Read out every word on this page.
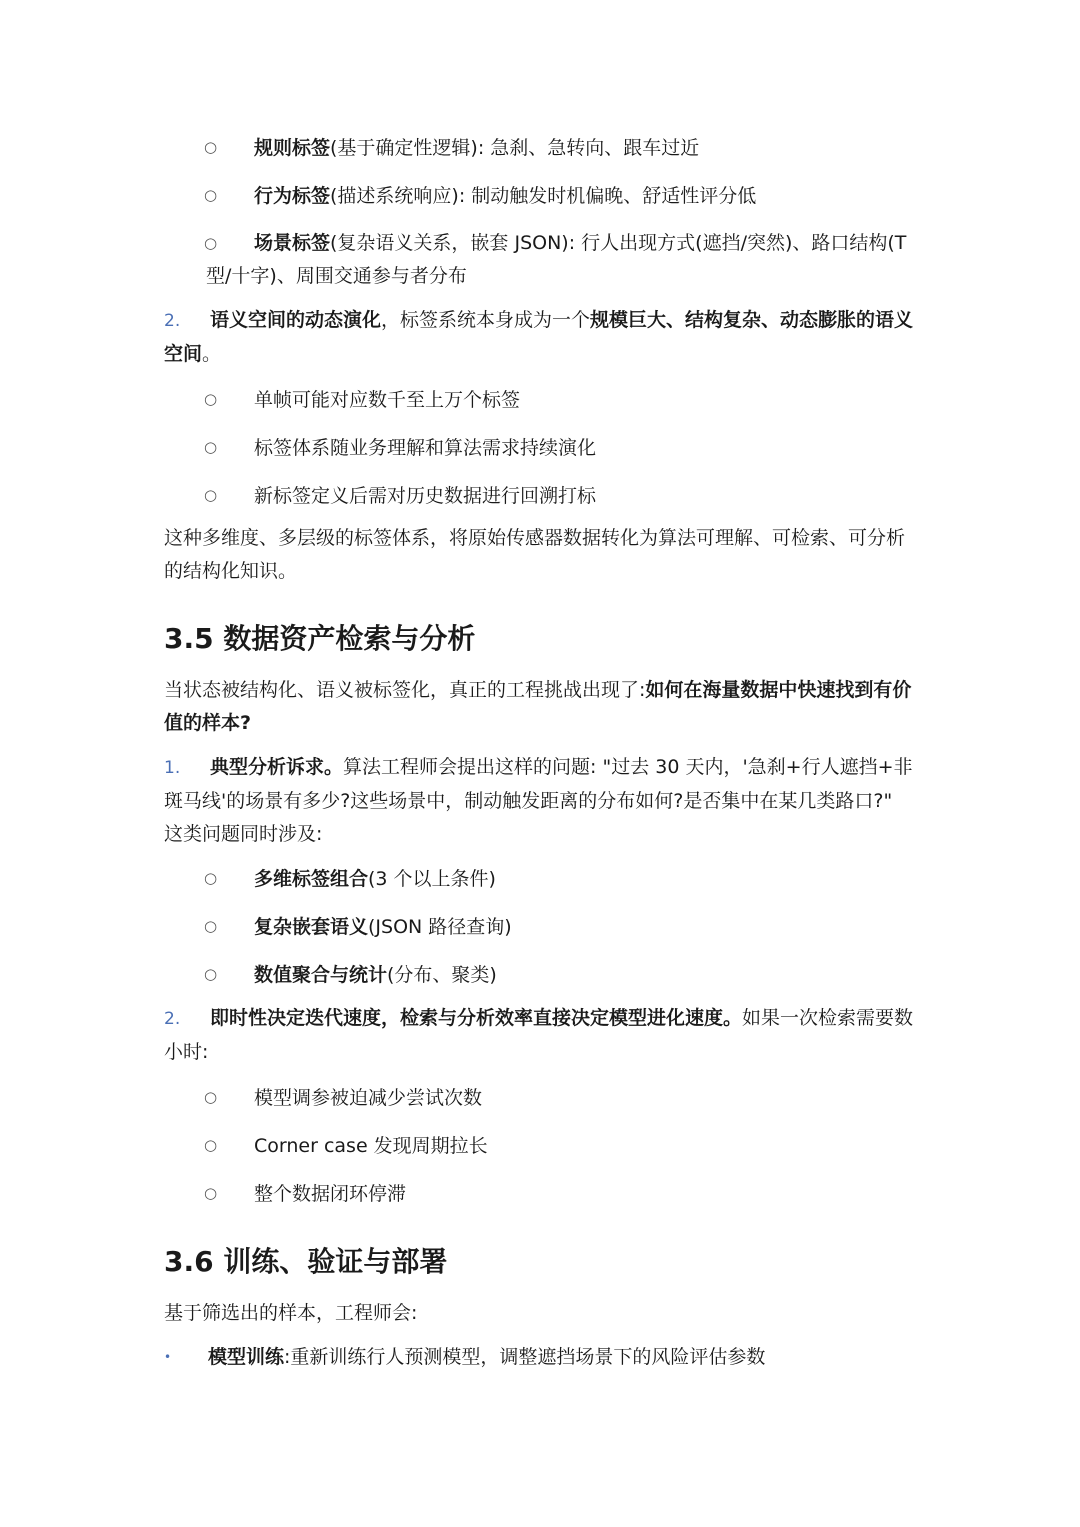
○ 规则标签(基于确定性逻辑): 急刹、急转向、跟车过近
○ 行为标签(描述系统响应): 制动触发时机偏晚、舒适性评分低
○	场景标签(复杂语义关系，嵌套 JSON): 行人出现方式(遮挡/突然)、路口结构(T 型/十字)、周围交通参与者分布
2. 语义空间的动态演化，标签系统本身成为一个规模巨大、结构复杂、动态膨胀的语义空间。
○ 单帧可能对应数千至上万个标签
○ 标签体系随业务理解和算法需求持续演化
○ 新标签定义后需对历史数据进行回溯打标
这种多维度、多层级的标签体系，将原始传感器数据转化为算法可理解、可检索、可分析的结构化知识。
3.5 数据资产检索与分析
当状态被结构化、语义被标签化，真正的工程挑战出现了:如何在海量数据中快速找到有价值的样本?
1. 典型分析诉求。算法工程师会提出这样的问题: "过去 30 天内，'急刹+行人遮挡+非斑马线'的场景有多少?这些场景中，制动触发距离的分布如何?是否集中在某几类路口?" 这类问题同时涉及:
○ 多维标签组合(3 个以上条件)
○ 复杂嵌套语义(JSON 路径查询)
○ 数值聚合与统计(分布、聚类)
2. 即时性决定迭代速度，检索与分析效率直接决定模型进化速度。如果一次检索需要数小时:
○ 模型调参被迫减少尝试次数
○ Corner case 发现周期拉长
○ 整个数据闭环停滞
3.6 训练、验证与部署
基于筛选出的样本，工程师会:
• 模型训练:重新训练行人预测模型，调整遮挡场景下的风险评估参数
